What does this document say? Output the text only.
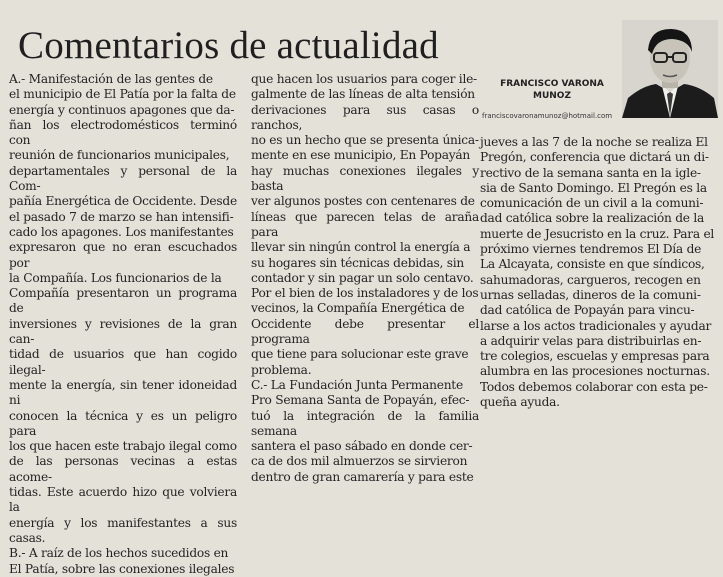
Comentarios de actualidad

A.- Manifestación de las gentes de
el municipio de El Patía por la falta de
energía y continuos apagones que da-
ñan los electrodomésticos terminó con
reunión de funcionarios municipales,
departamentales y personal de la Com-
pañía Energética de Occidente. Desde
el pasado 7 de marzo se han intensifi-
cado los apagones. Los manifestantes
expresaron que no eran escuchados por
la Compañía. Los funcionarios de la
Compañía presentaron un programa de
inversiones y revisiones de la gran can-
tidad de usuarios que han cogido ilegal-
mente la energía, sin tener idoneidad ni
conocen la técnica y es un peligro para
los que hacen este trabajo ilegal como
de las personas vecinas a estas acome-
tidas. Este acuerdo hizo que volviera la
energía y los manifestantes a sus casas.
B.- A raíz de los hechos sucedidos en
El Patía, sobre las conexiones ilegales

que hacen los usuarios para coger ile-
galmente de las líneas de alta tensión
derivaciones para sus casas o ranchos,
no es un hecho que se presenta única-
mente en ese municipio, En Popayán
hay muchas conexiones ilegales y basta
ver algunos postes con centenares de
líneas que parecen telas de araña para
llevar sin ningún control la energía a
su hogares sin técnicas debidas, sin
contador y sin pagar un solo centavo.
Por el bien de los instaladores y de los
vecinos, la Compañía Energética de
Occidente debe presentar el programa
que tiene para solucionar este grave
problema.
C.- La Fundación Junta Permanente
Pro Semana Santa de Popayán, efec-
tuó la integración de la familia semana
santera el paso sábado en donde cer-
ca de dos mil almuerzos se sirvieron
dentro de gran camarería y para este

FRANCISCO VARONA
MUNOZ
franciscovaronamunoz@hotmail.com

jueves a las 7 de la noche se realiza El
Pregón, conferencia que dictará un di-
rectivo de la semana santa en la igle-
sia de Santo Domingo. El Pregón es la
comunicación de un civil a la comuni-
dad católica sobre la realización de la
muerte de Jesucristo en la cruz. Para el
próximo viernes tendremos El Día de
La Alcayata, consiste en que síndicos,
sahumadoras, cargueros, recogen en
urnas selladas, dineros de la comuni-
dad católica de Popayán para vincu-
larse a los actos tradicionales y ayudar
a adquirir velas para distribuirlas en-
tre colegios, escuelas y empresas para
alumbra en las procesiones nocturnas.
Todos debemos colaborar con esta pe-
queña ayuda.
